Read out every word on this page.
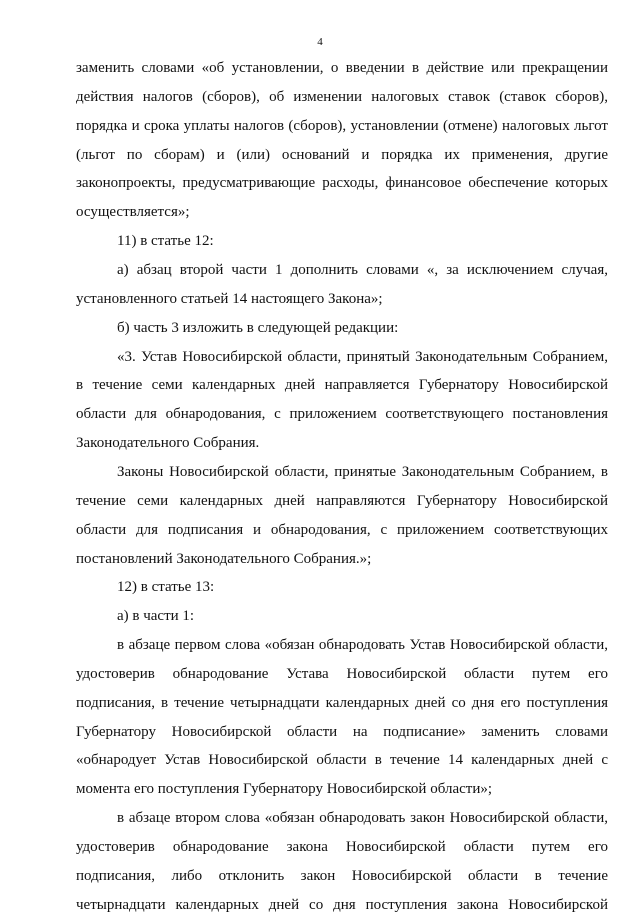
4
заменить словами «об установлении, о введении в действие или прекращении
действия налогов (сборов), об изменении налоговых ставок (ставок сборов),
порядка и срока уплаты налогов (сборов), установлении (отмене) налоговых льгот
(льгот по сборам) и (или) оснований и порядка их применения, другие
законопроекты, предусматривающие расходы, финансовое обеспечение которых
осуществляется»;
11) в статье 12:
а) абзац второй части 1 дополнить словами «, за исключением случая,
установленного статьей 14 настоящего Закона»;
б) часть 3 изложить в следующей редакции:
«3. Устав Новосибирской области, принятый Законодательным Собранием,
в течение семи календарных дней направляется Губернатору Новосибирской
области для обнародования, с приложением соответствующего постановления
Законодательного Собрания.
Законы Новосибирской области, принятые Законодательным Собранием, в
течение семи календарных дней направляются Губернатору Новосибирской
области для подписания и обнародования, с приложением соответствующих
постановлений Законодательного Собрания.»;
12) в статье 13:
а) в части 1:
в абзаце первом слова «обязан обнародовать Устав Новосибирской области,
удостоверив обнародование Устава Новосибирской области путем его
подписания, в течение четырнадцати календарных дней со дня его поступления
Губернатору Новосибирской области на подписание» заменить словами
«обнародует Устав Новосибирской области в течение 14 календарных дней с
момента его поступления Губернатору Новосибирской области»;
в абзаце втором слова «обязан обнародовать закон Новосибирской области,
удостоверив обнародование закона Новосибирской области путем его
подписания, либо отклонить закон Новосибирской области в течение
четырнадцати календарных дней со дня поступления закона Новосибирской
